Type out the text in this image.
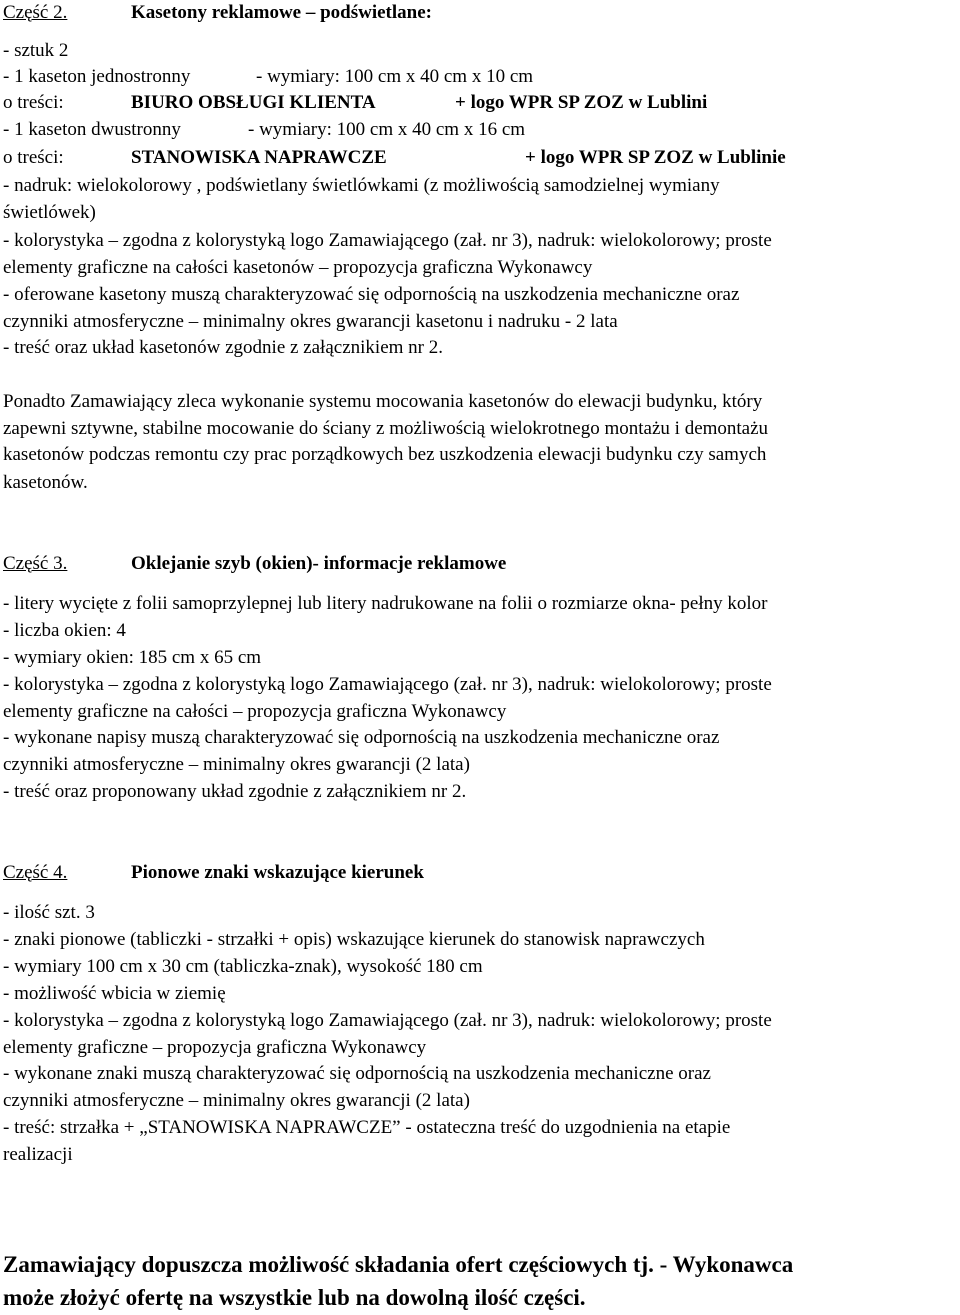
Część 2.	Kasetony reklamowe – podświetlane:
- sztuk 2
- 1 kaseton jednostronny	- wymiary: 100 cm x 40 cm x 10 cm
o treści:	BIURO OBSŁUGI KLIENTA	+ logo WPR SP ZOZ w Lublini
- 1 kaseton dwustronny	- wymiary: 100 cm x 40 cm x 16 cm
o treści:	STANOWISKA NAPRAWCZE	+ logo WPR SP ZOZ w Lublinie
- nadruk: wielokolorowy , podświetlany świetlówkami (z możliwością samodzielnej wymiany
świetlówek)
- kolorystyka – zgodna z kolorystyką logo Zamawiającego (zał. nr 3), nadruk: wielokolorowy; proste
elementy graficzne na całości kasetonów – propozycja graficzna Wykonawcy
- oferowane kasetony muszą charakteryzować się odpornością na uszkodzenia mechaniczne oraz
czynniki atmosferyczne – minimalny okres gwarancji kasetonu i nadruku - 2 lata
- treść oraz układ kasetonów zgodnie z załącznikiem nr 2.
Ponadto Zamawiający zleca wykonanie systemu mocowania kasetonów do elewacji budynku, który
zapewni sztywne, stabilne mocowanie do ściany z możliwością wielokrotnego montażu i demontażu
kasetonów podczas remontu czy prac porządkowych bez uszkodzenia elewacji budynku czy samych
kasetonów.
Część 3.	Oklejanie szyb (okien)- informacje reklamowe
- litery wycięte z folii samoprzylepnej lub litery nadrukowane na folii o rozmiarze okna- pełny kolor
- liczba okien: 4
- wymiary okien: 185 cm x 65 cm
- kolorystyka – zgodna z kolorystyką logo Zamawiającego (zał. nr 3), nadruk: wielokolorowy; proste
elementy graficzne na całości – propozycja graficzna Wykonawcy
- wykonane napisy muszą charakteryzować się odpornością na uszkodzenia mechaniczne oraz
czynniki atmosferyczne – minimalny okres gwarancji (2 lata)
- treść oraz proponowany układ zgodnie z załącznikiem nr 2.
Część 4.	Pionowe znaki wskazujące kierunek
- ilość szt. 3
- znaki pionowe (tabliczki - strzałki + opis) wskazujące kierunek do stanowisk naprawczych
- wymiary 100 cm x 30 cm (tabliczka-znak), wysokość 180 cm
- możliwość wbicia w ziemię
- kolorystyka – zgodna z kolorystyką logo Zamawiającego (zał. nr 3), nadruk: wielokolorowy; proste
elementy graficzne – propozycja graficzna Wykonawcy
- wykonane znaki muszą charakteryzować się odpornością na uszkodzenia mechaniczne oraz
czynniki atmosferyczne – minimalny okres gwarancji (2 lata)
- treść: strzałka + „STANOWISKA NAPRAWCZE” - ostateczna treść do uzgodnienia na etapie
realizacji
Zamawiający dopuszcza możliwość składania ofert częściowych tj. - Wykonawca
może złożyć ofertę na wszystkie lub na dowolną ilość części.
